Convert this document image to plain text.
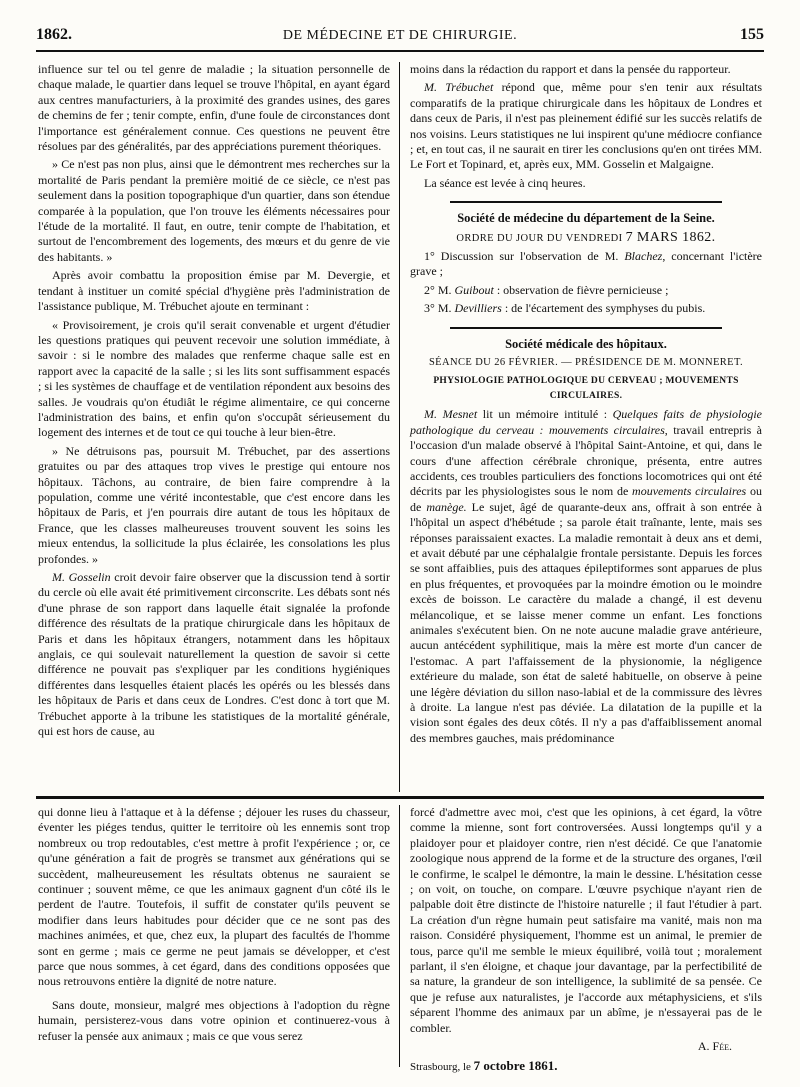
1862.	DE MÉDECINE ET DE CHIRURGIE.	155

influence sur tel ou tel genre de maladie ; la situation personnelle de chaque malade, le quartier dans lequel se trouve l'hôpital, en ayant égard aux centres manufacturiers, à la proximité des grandes usines, des gares de chemins de fer ; tenir compte, enfin, d'une foule de circonstances dont l'importance est généralement connue. Ces questions ne peuvent être résolues par des généralités, par des appréciations purement théoriques.

» Ce n'est pas non plus, ainsi que le démontrent mes recherches sur la mortalité de Paris pendant la première moitié de ce siècle, ce n'est pas seulement dans la position topographique d'un quartier, dans son étendue comparée à la population, que l'on trouve les éléments nécessaires pour l'étude de la mortalité. Il faut, en outre, tenir compte de l'habitation, et surtout de l'encombrement des logements, des mœurs et du genre de vie des habitants. »

Après avoir combattu la proposition émise par M. Devergie, et tendant à instituer un comité spécial d'hygiène près l'administration de l'assistance publique, M. Trébuchet ajoute en terminant :

« Provisoirement, je crois qu'il serait convenable et urgent d'étudier les questions pratiques qui peuvent recevoir une solution immédiate, à savoir : si le nombre des malades que renferme chaque salle est en rapport avec la capacité de la salle ; si les lits sont suffisamment espacés ; si les systèmes de chauffage et de ventilation répondent aux besoins des salles. Je voudrais qu'on étudiât le régime alimentaire, ce qui concerne l'administration des bains, et enfin qu'on s'occupât sérieusement du logement des internes et de tout ce qui touche à leur bien-être.

» Ne détruisons pas, poursuit M. Trébuchet, par des assertions gratuites ou par des attaques trop vives le prestige qui entoure nos hôpitaux. Tâchons, au contraire, de bien faire comprendre à la population, comme une vérité incontestable, que c'est encore dans les hôpitaux de Paris, et j'en pourrais dire autant de tous les hôpitaux de France, que les classes malheureuses trouvent souvent les soins les mieux entendus, la sollicitude la plus éclairée, les consolations les plus profondes. »

M. Gosselin croit devoir faire observer que la discussion tend à sortir du cercle où elle avait été primitivement circonscrite. Les débats sont nés d'une phrase de son rapport dans laquelle était signalée la profonde différence des résultats de la pratique chirurgicale dans les hôpitaux de Paris et dans les hôpitaux étrangers, notamment dans les hôpitaux anglais, ce qui soulevait naturellement la question de savoir si cette différence ne pouvait pas s'expliquer par les conditions hygiéniques différentes dans lesquelles étaient placés les opérés ou les blessés dans les hôpitaux de Paris et dans ceux de Londres. C'est donc à tort que M. Trébuchet apporte à la tribune les statistiques de la mortalité générale, qui est hors de cause, au

moins dans la rédaction du rapport et dans la pensée du rapporteur.

M. Trébuchet répond que, même pour s'en tenir aux résultats comparatifs de la pratique chirurgicale dans les hôpitaux de Londres et dans ceux de Paris, il n'est pas pleinement édifié sur les succès relatifs de nos voisins. Leurs statistiques ne lui inspirent qu'une médiocre confiance ; et, en tout cas, il ne saurait en tirer les conclusions qu'en ont tirées MM. Le Fort et Topinard, et, après eux, MM. Gosselin et Malgaigne.

La séance est levée à cinq heures.

Société de médecine du département de la Seine.

ORDRE DU JOUR DU VENDREDI 7 MARS 1862.

1° Discussion sur l'observation de M. Blachez, concernant l'ictère grave ;

2° M. Guibout : observation de fièvre pernicieuse ;

3° M. Devilliers : de l'écartement des symphyses du pubis.

Société médicale des hôpitaux.

SÉANCE DU 26 FÉVRIER. — PRÉSIDENCE DE M. MONNERET.

PHYSIOLOGIE PATHOLOGIQUE DU CERVEAU ; MOUVEMENTS CIRCULAIRES.

M. Mesnet lit un mémoire intitulé : Quelques faits de physiologie pathologique du cerveau : mouvements circulaires, travail entrepris à l'occasion d'un malade observé à l'hôpital Saint-Antoine, et qui, dans le cours d'une affection cérébrale chronique, présenta, entre autres accidents, ces troubles particuliers des fonctions locomotrices qui ont été décrits par les physiologistes sous le nom de mouvements circulaires ou de manège. Le sujet, âgé de quarante-deux ans, offrait à son entrée à l'hôpital un aspect d'hébétude ; sa parole était traînante, lente, mais ses réponses paraissaient exactes. La maladie remontait à deux ans et demi, et avait débuté par une céphalalgie frontale persistante. Depuis les forces se sont affaiblies, puis des attaques épileptiformes sont apparues de plus en plus fréquentes, et provoquées par la moindre émotion ou le moindre excès de boisson. Le caractère du malade a changé, il est devenu mélancolique, et se laisse mener comme un enfant. Les fonctions animales s'exécutent bien. On ne note aucune maladie grave antérieure, aucun antécédent syphilitique, mais la mère est morte d'un cancer de l'estomac. A part l'affaissement de la physionomie, la négligence extérieure du malade, son état de saleté habituelle, on observe à peine une légère déviation du sillon naso-labial et de la commissure des lèvres à droite. La langue n'est pas déviée. La dilatation de la pupille et la vision sont égales des deux côtés. Il n'y a pas d'affaiblissement anomal des membres gauches, mais prédominance

qui donne lieu à l'attaque et à la défense ; déjouer les ruses du chasseur, éventer les piéges tendus, quitter le territoire où les ennemis sont trop nombreux ou trop redoutables, c'est mettre à profit l'expérience ; or, ce qu'une génération a fait de progrès se transmet aux générations qui se succèdent, malheureusement les résultats obtenus ne sauraient se continuer ; souvent même, ce que les animaux gagnent d'un côté ils le perdent de l'autre. Toutefois, il suffit de constater qu'ils peuvent se modifier dans leurs habitudes pour décider que ce ne sont pas des machines animées, et que, chez eux, la plupart des facultés de l'homme sont en germe ; mais ce germe ne peut jamais se développer, et c'est parce que nous sommes, à cet égard, dans des conditions opposées que nous retrouvons entière la dignité de notre nature.

Sans doute, monsieur, malgré mes objections à l'adoption du règne humain, persisterez-vous dans votre opinion et continuerez-vous à refuser la pensée aux animaux ; mais ce que vous serez

forcé d'admettre avec moi, c'est que les opinions, à cet égard, la vôtre comme la mienne, sont fort controversées. Aussi longtemps qu'il y a plaidoyer pour et plaidoyer contre, rien n'est décidé. Ce que l'anatomie zoologique nous apprend de la forme et de la structure des organes, l'œil le confirme, le scalpel le démontre, la main le dessine. L'hésitation cesse ; on voit, on touche, on compare. L'œuvre psychique n'ayant rien de palpable doit être distincte de l'histoire naturelle ; il faut l'étudier à part. La création d'un règne humain peut satisfaire ma vanité, mais non ma raison. Considéré physiquement, l'homme est un animal, le premier de tous, parce qu'il me semble le mieux équilibré, voilà tout ; moralement parlant, il s'en éloigne, et chaque jour davantage, par la perfectibilité de sa nature, la grandeur de son intelligence, la sublimité de sa pensée. Ce que je refuse aux naturalistes, je l'accorde aux métaphysiciens, et s'ils séparent l'homme des animaux par un abîme, je n'essayerai pas de le combler.

A. Fée.

Strasbourg, le 7 octobre 1861.
